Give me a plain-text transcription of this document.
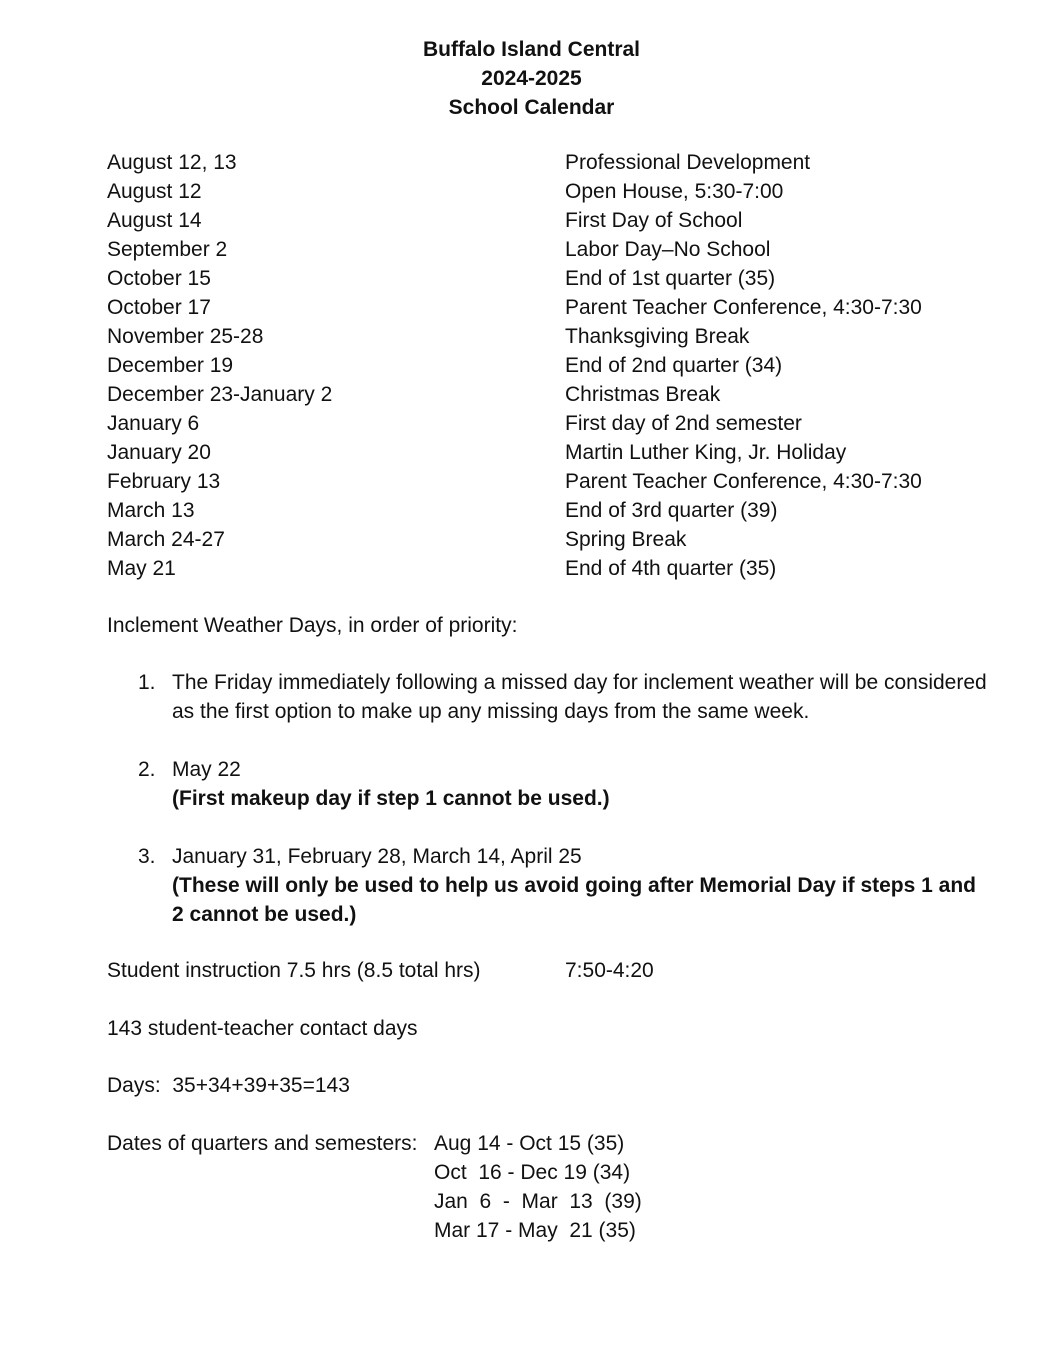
Buffalo Island Central
2024-2025
School Calendar
August 12, 13	Professional Development
August 12	Open House, 5:30-7:00
August 14	First Day of School
September 2	Labor Day–No School
October 15	End of 1st quarter (35)
October 17	Parent Teacher Conference, 4:30-7:30
November 25-28	Thanksgiving Break
December 19	End of 2nd quarter (34)
December 23-January 2	Christmas Break
January 6	First day of 2nd semester
January 20	Martin Luther King, Jr. Holiday
February 13	Parent Teacher Conference, 4:30-7:30
March 13	End of 3rd quarter (39)
March 24-27	Spring Break
May 21	End of 4th quarter (35)
Inclement Weather Days, in order of priority:
1. The Friday immediately following a missed day for inclement weather will be considered as the first option to make up any missing days from the same week.
2. May 22
(First makeup day if step 1 cannot be used.)
3. January 31, February 28, March 14, April 25
(These will only be used to help us avoid going after Memorial Day if steps 1 and 2 cannot be used.)
Student instruction 7.5 hrs (8.5 total hrs)	7:50-4:20
143 student-teacher contact days
Days:  35+34+39+35=143
Dates of quarters and semesters: Aug 14 - Oct 15 (35)
Oct  16 - Dec 19 (34)
Jan  6  -  Mar  13  (39)
Mar 17 - May  21 (35)
